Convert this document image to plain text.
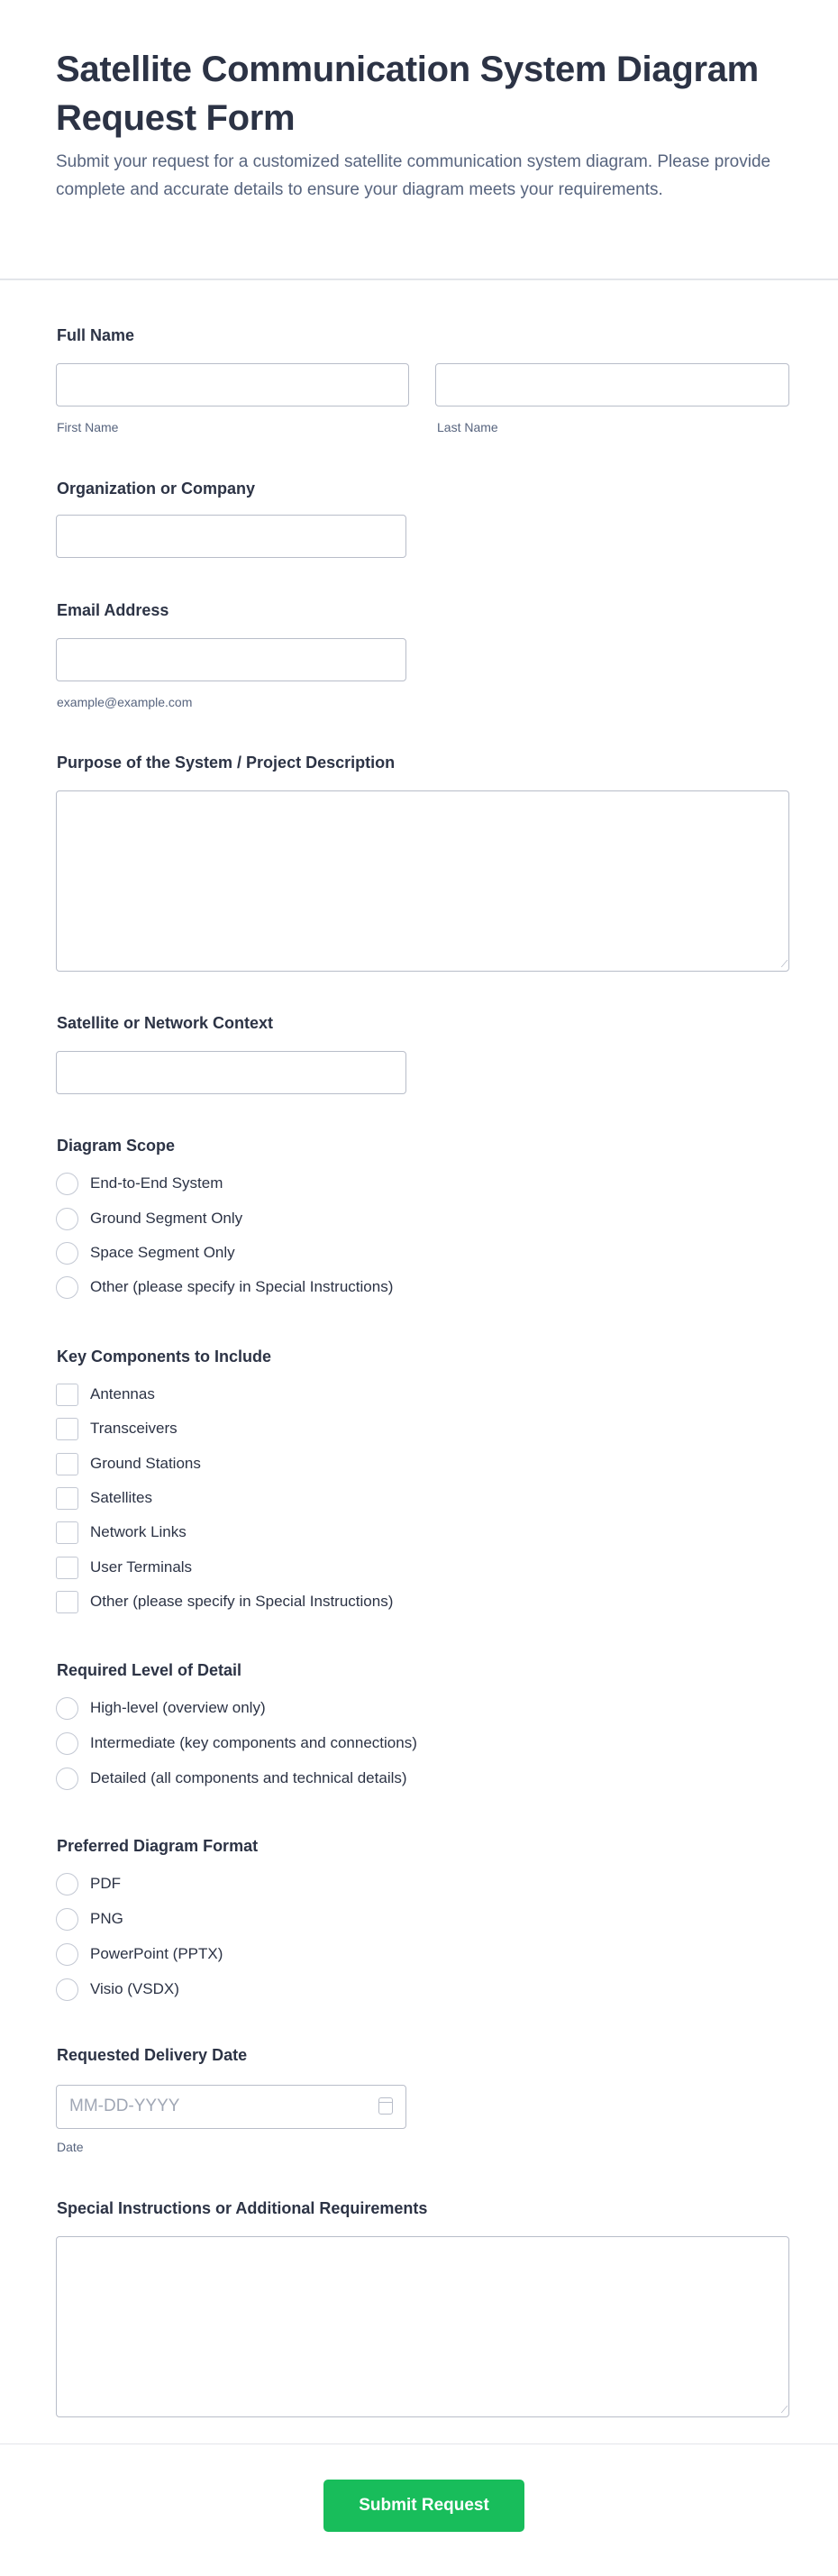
Satellite Communication System Diagram Request Form

Submit your request for a customized satellite communication system diagram. Please provide complete and accurate details to ensure your diagram meets your requirements.

Full Name
First Name	Last Name
Organization or Company
Email Address
example@example.com
Purpose of the System / Project Description
Satellite or Network Context
Diagram Scope
End-to-End System
Ground Segment Only
Space Segment Only
Other (please specify in Special Instructions)
Key Components to Include
Antennas
Transceivers
Ground Stations
Satellites
Network Links
User Terminals
Other (please specify in Special Instructions)
Required Level of Detail
High-level (overview only)
Intermediate (key components and connections)
Detailed (all components and technical details)
Preferred Diagram Format
PDF
PNG
PowerPoint (PPTX)
Visio (VSDX)
Requested Delivery Date
MM-DD-YYYY
Date
Special Instructions or Additional Requirements
Submit Request
